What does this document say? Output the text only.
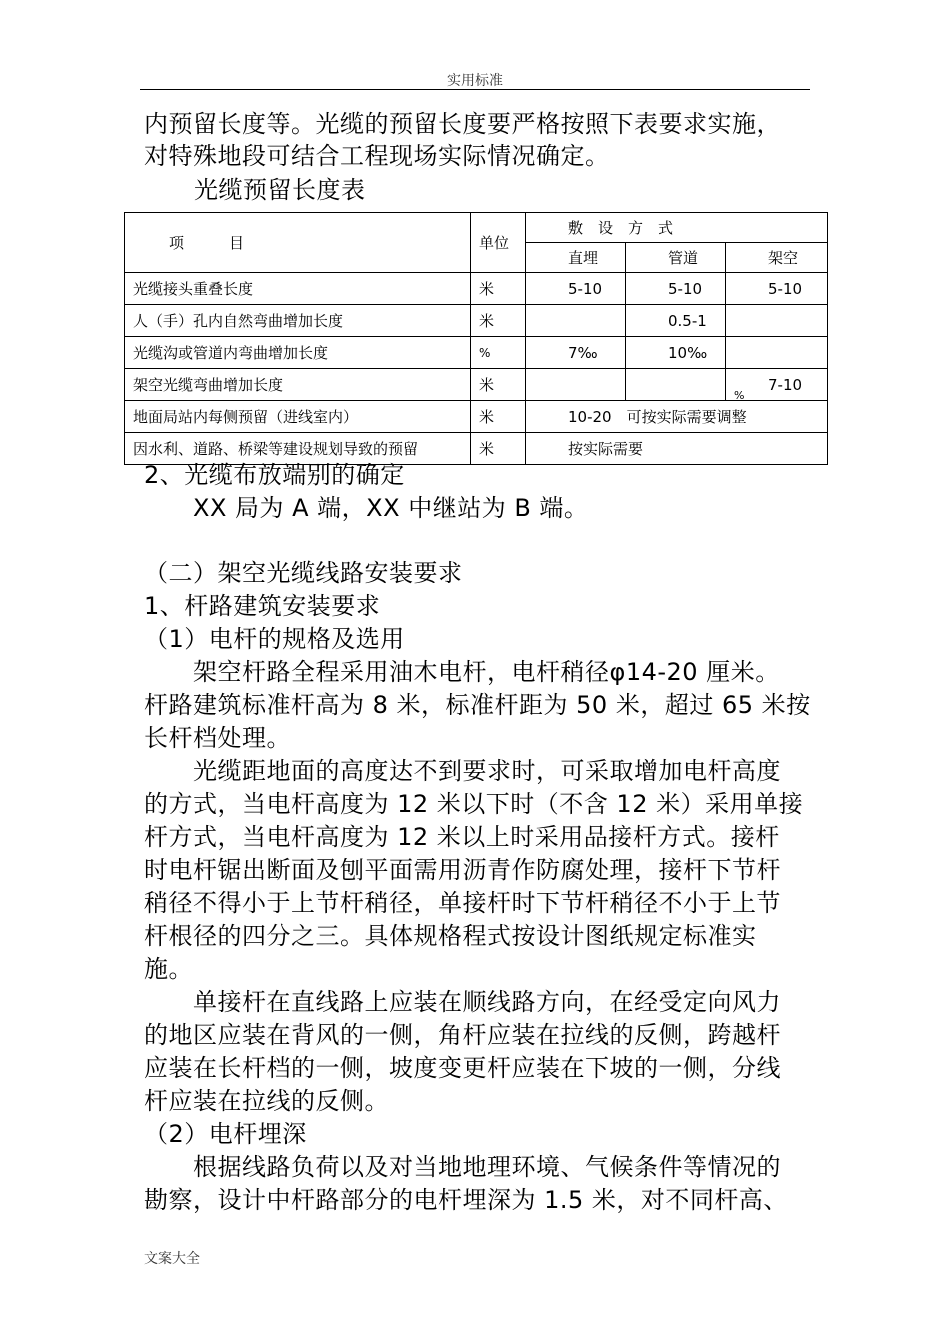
实用标准
内预留长度等。光缆的预留长度要严格按照下表要求实施，
对特殊地段可结合工程现场实际情况确定。
光缆预留长度表
项　　　目	单位	敷　设　方　式		
		直埋	管道	架空
光缆接头重叠长度	米	5-10	5-10	5-10
人（手）孔内自然弯曲增加长度	米		0.5-1	
光缆沟或管道内弯曲增加长度	%	7‰	10‰	
架空光缆弯曲增加长度	米			7-10
%

地面局站内每侧预留（进线室内）	米	10-20　可按实际需要调整		
因水利、道路、桥梁等建设规划导致的预留	米	按实际需要		
2、光缆布放端别的确定
　　XX 局为 A 端，XX 中继站为 B 端。
（二）架空光缆线路安装要求
1、杆路建筑安装要求
（1）电杆的规格及选用
　　架空杆路全程采用油木电杆，电杆稍径φ14-20 厘米。
杆路建筑标准杆高为 8 米，标准杆距为 50 米，超过 65 米按
长杆档处理。
　　光缆距地面的高度达不到要求时，可采取增加电杆高度
的方式，当电杆高度为 12 米以下时（不含 12 米）采用单接
杆方式，当电杆高度为 12 米以上时采用品接杆方式。接杆
时电杆锯出断面及刨平面需用沥青作防腐处理，接杆下节杆
稍径不得小于上节杆稍径，单接杆时下节杆稍径不小于上节
杆根径的四分之三。具体规格程式按设计图纸规定标准实
施。
　　单接杆在直线路上应装在顺线路方向，在经受定向风力
的地区应装在背风的一侧，角杆应装在拉线的反侧，跨越杆
应装在长杆档的一侧，坡度变更杆应装在下坡的一侧，分线
杆应装在拉线的反侧。
（2）电杆埋深
　　根据线路负荷以及对当地地理环境、气候条件等情况的
勘察，设计中杆路部分的电杆埋深为 1.5 米，对不同杆高、
文案大全
